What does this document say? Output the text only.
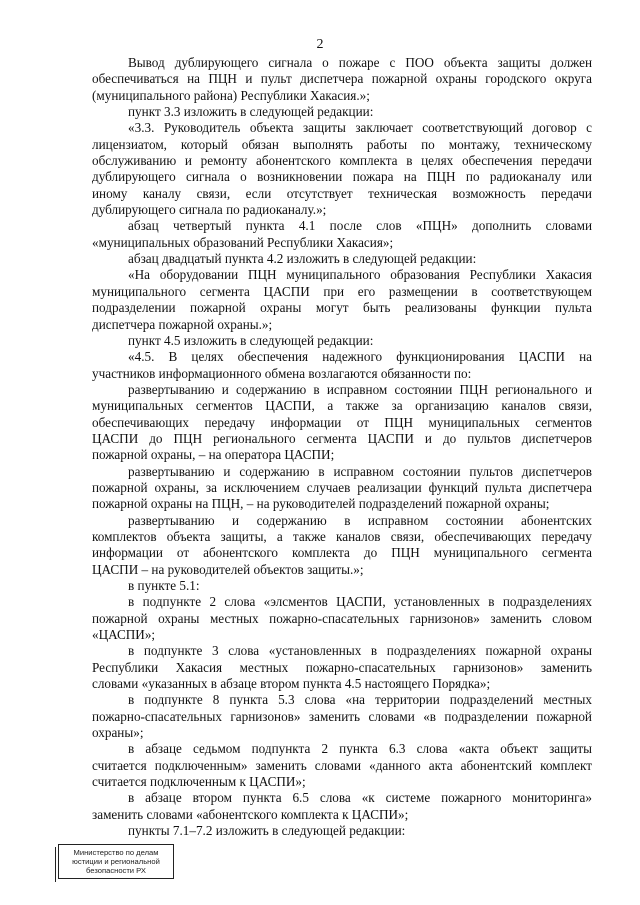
2
Вывод дублирующего сигнала о пожаре с ПОО объекта защиты должен
обеспечиваться на ПЦН и пульт диспетчера пожарной охраны городского округа
(муниципального района) Республики Хакасия.»;
пункт 3.3 изложить в следующей редакции:
«3.3. Руководитель объекта защиты заключает соответствующий договор с
лицензиатом, который обязан выполнять работы по монтажу, техническому
обслуживанию и ремонту абонентского комплекта в целях обеспечения передачи
дублирующего сигнала о возникновении пожара на ПЦН по радиоканалу или
иному каналу связи, если отсутствует техническая возможность передачи
дублирующего сигнала по радиоканалу.»;
абзац четвертый пункта 4.1 после слов «ПЦН» дополнить словами
«муниципальных образований Республики Хакасия»;
абзац двадцатый пункта 4.2 изложить в следующей редакции:
«На оборудовании ПЦН муниципального образования Республики Хакасия
муниципального сегмента ЦАСПИ при его размещении в соответствующем
подразделении пожарной охраны могут быть реализованы функции пульта
диспетчера пожарной охраны.»;
пункт 4.5 изложить в следующей редакции:
«4.5. В целях обеспечения надежного функционирования ЦАСПИ на
участников информационного обмена возлагаются обязанности по:
развертыванию и содержанию в исправном состоянии ПЦН регионального и
муниципальных сегментов ЦАСПИ, а также за организацию каналов связи,
обеспечивающих передачу информации от ПЦН муниципальных сегментов
ЦАСПИ до ПЦН регионального сегмента ЦАСПИ и до пультов диспетчеров
пожарной охраны, – на оператора ЦАСПИ;
развертыванию и содержанию в исправном состоянии пультов диспетчеров
пожарной охраны, за исключением случаев реализации функций пульта диспетчера
пожарной охраны на ПЦН, – на руководителей подразделений пожарной охраны;
развертыванию и содержанию в исправном состоянии абонентских
комплектов объекта защиты, а также каналов связи, обеспечивающих передачу
информации от абонентского комплекта до ПЦН муниципального сегмента
ЦАСПИ – на руководителей объектов защиты.»;
в пункте 5.1:
в подпункте 2 слова «элсментов ЦАСПИ, установленных в подразделениях
пожарной охраны местных пожарно-спасательных гарнизонов» заменить словом
«ЦАСПИ»;
в подпункте 3 слова «установленных в подразделениях пожарной охраны
Республики Хакасия местных пожарно-спасательных гарнизонов» заменить
словами «указанных в абзаце втором пункта 4.5 настоящего Порядка»;
в подпункте 8 пункта 5.3 слова «на территории подразделений местных
пожарно-спасательных гарнизонов» заменить словами «в подразделении пожарной
охраны»;
в абзаце седьмом подпункта 2 пункта 6.3 слова «акта объект защиты
считается подключенным» заменить словами «данного акта абонентский комплект
считается подключенным к ЦАСПИ»;
в абзаце втором пункта 6.5 слова «к системе пожарного мониторинга»
заменить словами «абонентского комплекта к ЦАСПИ»;
пункты 7.1–7.2 изложить в следующей редакции:
Министерство по делам
юстиции и региональной
безопасности РХ
